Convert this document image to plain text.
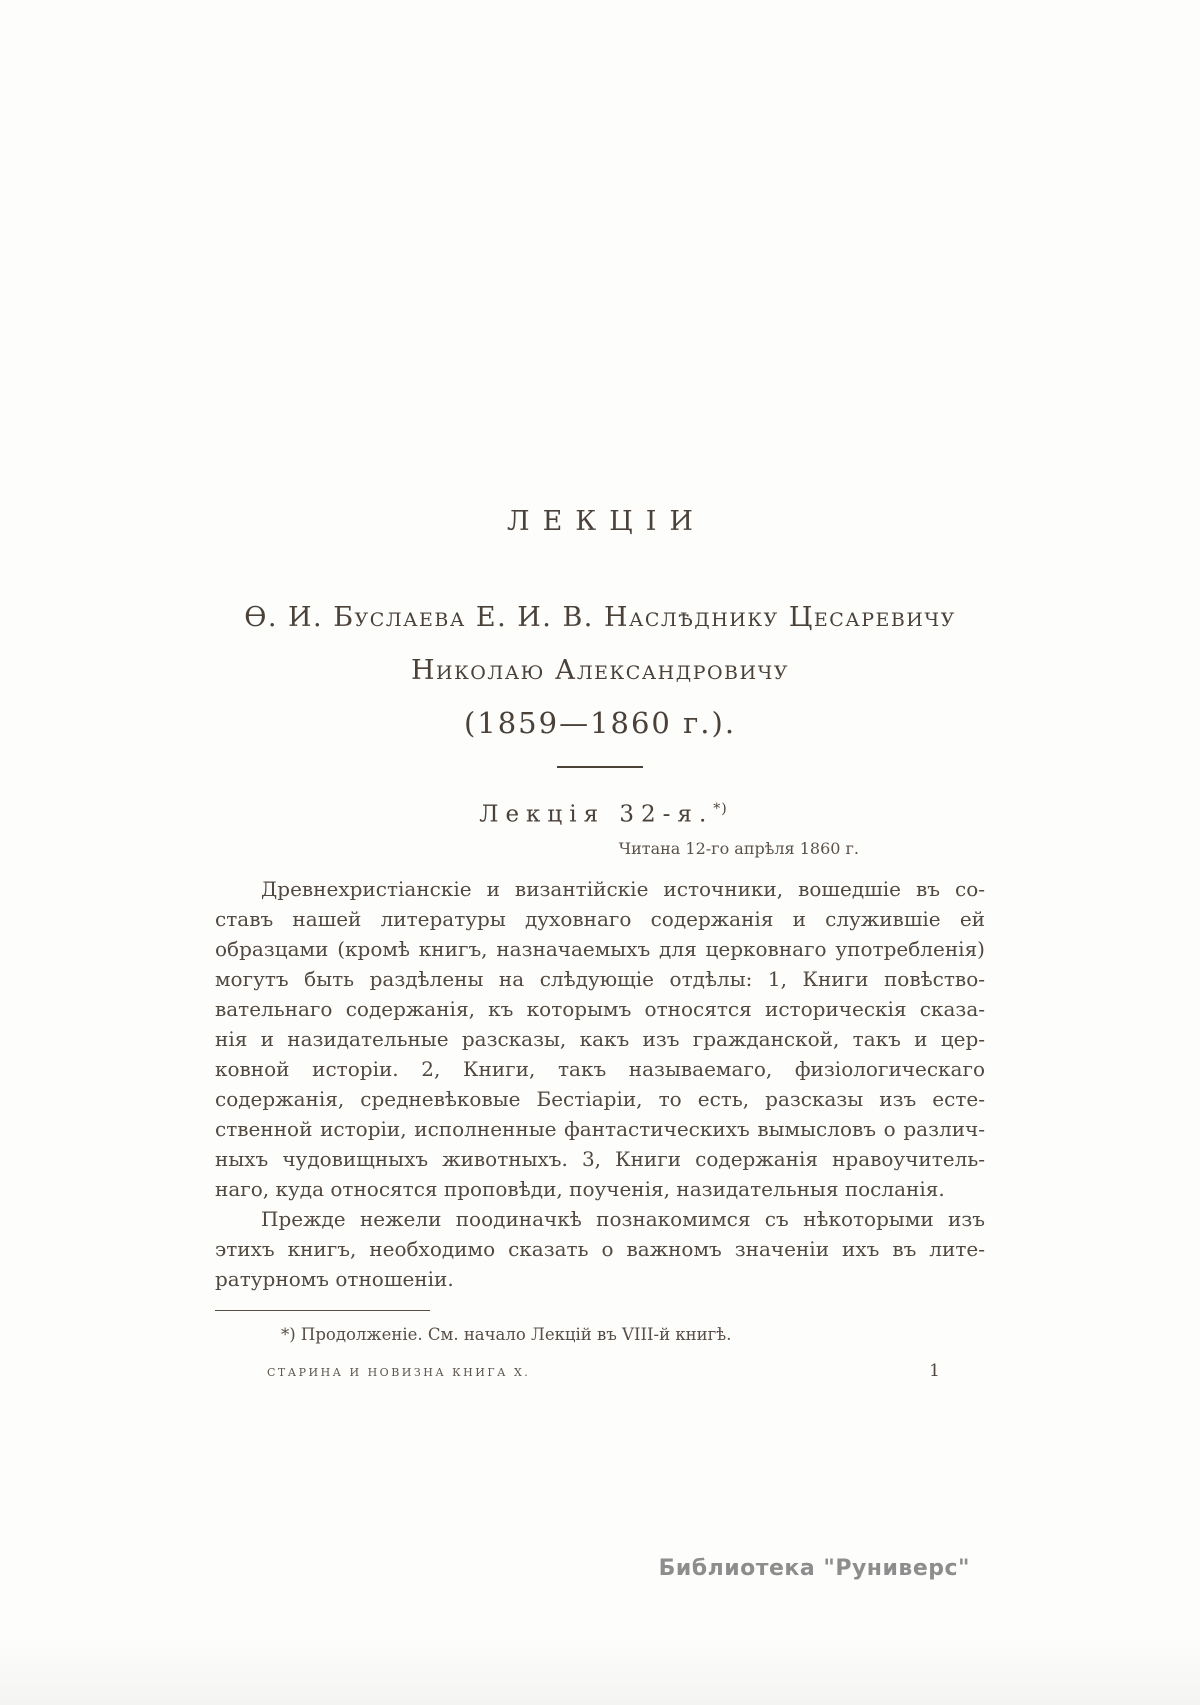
ЛЕКЦІИ
Ѳ. И. Буслаева Е. И. В. Наслѣднику Цесаревичу
Николаю Александровичу
(1859—1860 г.).
Лекція 32-я.*)
Читана 12-го апрѣля 1860 г.
Древнехристіанскіе и византійскіе источники, вошедшіе въ со-
ставъ нашей литературы духовнаго содержанія и служившіе ей
образцами (кромѣ книгъ, назначаемыхъ для церковнаго употребленія)
могутъ быть раздѣлены на слѣдующіе отдѣлы: 1, Книги повѣство-
вательнаго содержанія, къ которымъ относятся историческія сказа-
нія и назидательные разсказы, какъ изъ гражданской, такъ и цер-
ковной исторіи. 2, Книги, такъ называемаго, физіологическаго
содержанія, средневѣковые Бестіаріи, то есть, разсказы изъ есте-
ственной исторіи, исполненные фантастическихъ вымысловъ о различ-
ныхъ чудовищныхъ животныхъ. 3, Книги содержанія нравоучитель-
наго, куда относятся проповѣди, поученія, назидательныя посланія.
Прежде нежели поодиначкѣ познакомимся съ нѣкоторыми изъ
этихъ книгъ, необходимо сказать о важномъ значеніи ихъ въ лите-
ратурномъ отношеніи.
*) Продолженіе. См. начало Лекцій въ VIII-й книгѣ.
СТАРИНА И НОВИЗНА КНИГА X.	1
Библиотека "Руниверс"
